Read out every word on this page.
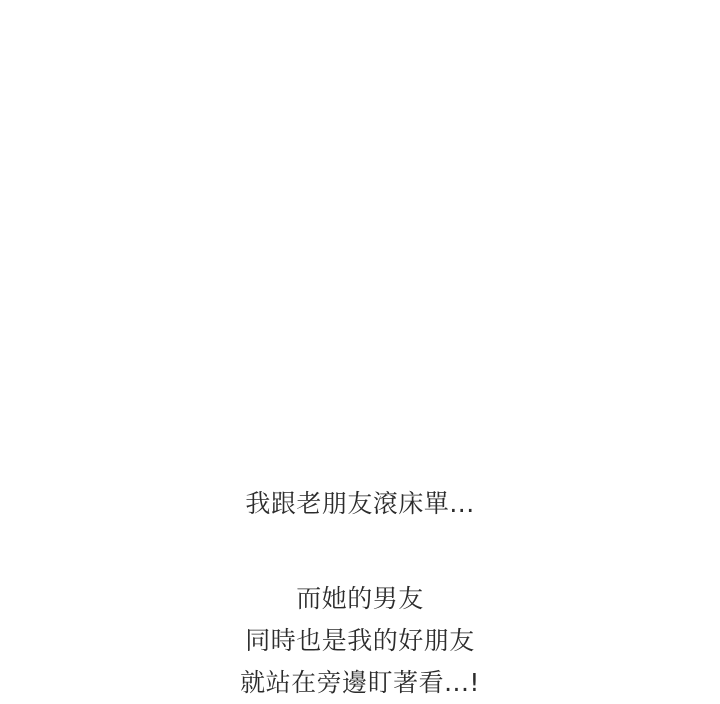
我跟老朋友滾床單...
而她的男友
同時也是我的好朋友
就站在旁邊盯著看...!
